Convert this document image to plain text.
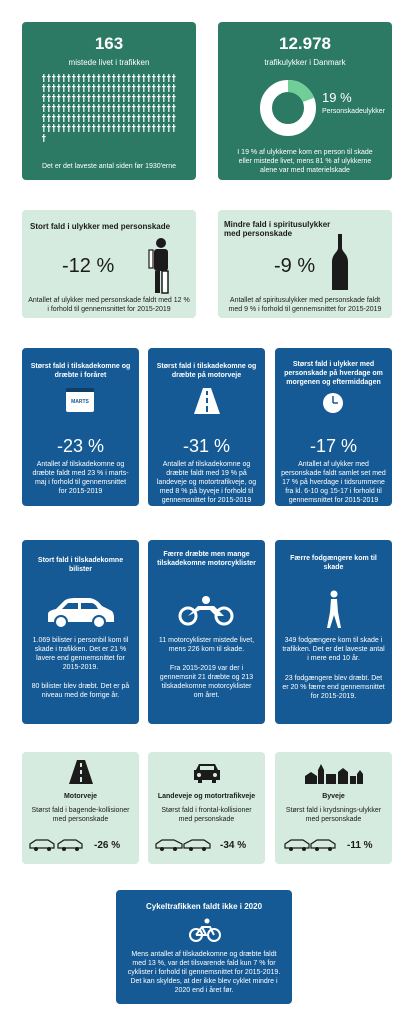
163
mistede livet i trafikken
Det er det laveste antal siden før 1930'erne
12.978
trafikulykker i Danmark
19 %
Personskadeulykker
I 19 % af ulykkerne kom en person til skade eller mistede livet, mens 81 % af ulykkerne alene var med materielskade
Stort fald i ulykker med personskade
-12 %
Antallet af ulykker med personskade faldt med 12 % i forhold til gennemsnittet for 2015-2019
Mindre fald i spiritusulykker med personskade
-9 %
Antallet af spiritusulykker med personskade faldt med 9 % i forhold til gennemsnittet for 2015-2019
Størst fald i tilskadekomne og dræbte i foråret
MARTS
-23 %
Antallet af tilskadekomne og dræbte faldt med 23 % i marts-maj i forhold til gennemsnittet for 2015-2019
Størst fald i tilskadekomne og dræbte på motorveje
-31 %
Antallet af tilskadekomne og dræbte faldt med 19 % på landeveje og motortrafikveje, og med 8 % på byveje i forhold til gennemsnittet for 2015-2019
Størst fald i ulykker med personskade på hverdage om morgenen og eftermiddagen
-17 %
Antallet af ulykker med personskade faldt samlet set med 17 % på hverdage i tidsrummene fra kl. 6-10 og 15-17 i forhold til gennemsnittet for 2015-2019
Stort fald i tilskadekomne bilister
1.069 bilister i personbil kom til skade i trafikken. Det er 21 % lavere end gennemsnittet for 2015-2019.
80 bilister blev dræbt. Det er på niveau med de forrige år.
Færre dræbte men mange tilskadekomne motorcyklister
11 motorcyklister mistede livet, mens 226 kom til skade.
Fra 2015-2019 var der i gennemsnit 21 dræbte og 213 tilskadekomne motorcyklister om året.
Færre fodgængere kom til skade
349 fodgængere kom til skade i trafikken. Det er det laveste antal i mere end 10 år.
23 fodgængere blev dræbt. Det er 20 % færre end gennemsnittet for 2015-2019.
Motorveje
Størst fald i bagende-kollisioner med personskade
-26 %
Landeveje og motortrafikveje
Størst fald i frontal-kollisioner med personskade
-34 %
Byveje
Størst fald i krydsnings-ulykker med personskade
-11 %
Cykeltrafikken faldt ikke i 2020
Mens antallet af tilskadekomne og dræbte faldt med 13 %, var det tilsvarende fald kun 7 % for cyklister i forhold til gennemsnittet for 2015-2019. Det kan skyldes, at der ikke blev cyklet mindre i 2020 end i året før.
